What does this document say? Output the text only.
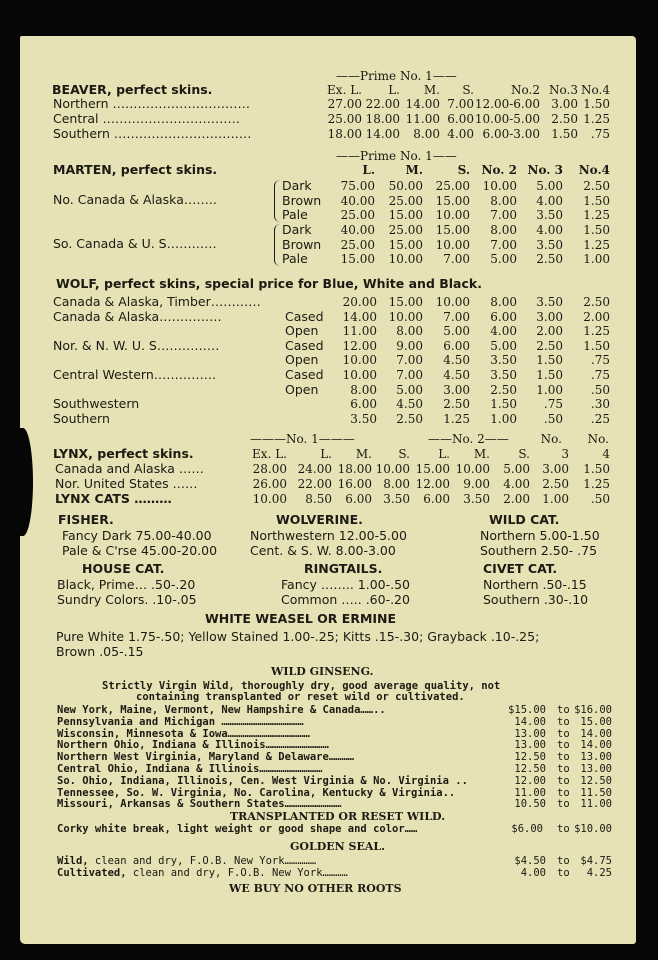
BEAVER, perfect skins.
——Prime No. 1——
Ex. L. L. M. S.	No.2 No.3 No.4
Northern ……………………………	27.00 22.00 14.00 7.00 12.00-6.00 3.00 1.50
Central ……………………………	25.00 18.00 11.00 6.00 10.00-5.00 2.50 1.25
Southern ……………………………	18.00 14.00 8.00 4.00 6.00-3.00 1.50 .75
MARTEN, perfect skins.
——Prime No. 1——
L.	M.	S. No. 2 No. 3 No.4
No. Canada & Alaska……..
Dark 75.00 50.00 25.00 10.00 5.00 2.50
Brown 40.00 25.00 15.00 8.00 4.00 1.50
Pale	25.00 15.00 10.00 7.00 3.50 1.25
So. Canada & U. S…………
Dark 40.00 25.00 15.00 8.00 4.00 1.50
Brown 25.00 15.00 10.00 7.00 3.50 1.25
Pale	15.00 10.00 7.00 5.00 2.50 1.00
WOLF, perfect skins, special price for Blue, White and Black.
Canada & Alaska, Timber…………	20.00 15.00 10.00 8.00 3.50 2.50
Canada & Alaska……………	Cased 14.00 10.00 7.00 6.00 3.00 2.00
Open 11.00 8.00 5.00 4.00 2.00 1.25
Nor. & N. W. U. S……………	Cased 12.00 9.00 6.00 5.00 2.50 1.50
Open 10.00 7.00 4.50 3.50 1.50 .75
Central Western……………	Cased 10.00 7.00 4.50 3.50 1.50 .75
Open	8.00 5.00 3.00 2.50 1.00 .50
Southwestern	6.00 4.50 2.50 1.50 .75 .30
Southern	3.50 2.50 1.25 1.00 .50 .25
LYNX, perfect skins.
———No. 1———	——No. 2——	No. No.
Ex. L.	L. M. S. L. M. S.	3	4
Canada and Alaska ……	28.00 24.00 18.00 10.00 15.00 10.00 5.00 3.00 1.50
Nor. United States ……	26.00 22.00 16.00 8.00 12.00 9.00 4.00 2.50 1.25
LYNX CATS ………	10.00 8.50 6.00 3.50 6.00 3.50 2.00 1.00 .50
FISHER.
Fancy Dark 75.00-40.00
Pale & C'rse 45.00-20.00
WOLVERINE.
Northwestern 12.00-5.00
Cent. & S. W. 8.00-3.00
WILD CAT.
Northern 5.00-1.50
Southern 2.50- .75
HOUSE CAT.
Black, Prime… .50-.20
Sundry Colors. .10-.05
RINGTAILS.
Fancy …….. 1.00-.50
Common ….. .60-.20
CIVET CAT.
Northern .50-.15
Southern .30-.10
WHITE WEASEL OR ERMINE
Pure White 1.75-.50; Yellow Stained 1.00-.25; Kitts .15-.30; Grayback .10-.25;
Brown .05-.15
WILD GINSENG.
Strictly Virgin Wild, thoroughly dry, good average quality, not
containing transplanted or reset wild or cultivated.
New York, Maine, Vermont, New Hampshire & Canada……..	$15.00 to $16.00
Pennsylvania and Michigan …………………………………	14.00 to 15.00
Wisconsin, Minnesota & Iowa…………………………………	13.00 to 14.00
Northern Ohio, Indiana & Illinois…………………………	13.00 to 14.00
Northern West Virginia, Maryland & Delaware…………	12.50 to 13.00
Central Ohio, Indiana & Illinois…………………………	12.50 to 13.00
So. Ohio, Indiana, Illinois, Cen. West Virginia & No. Virginia ..	12.00 to 12.50
Tennessee, So. W. Virginia, No. Carolina, Kentucky & Virginia..	11.00 to 11.50
Missouri, Arkansas & Southern States………………………	10.50 to 11.00
TRANSPLANTED OR RESET WILD.
Corky white break, light weight or good shape and color……	$6.00 to $10.00
GOLDEN SEAL.
Wild, clean and dry, F.O.B. New York……………	$4.50 to $4.75
Cultivated, clean and dry, F.O.B. New York…………	4.00 to 4.25
WE BUY NO OTHER ROOTS
